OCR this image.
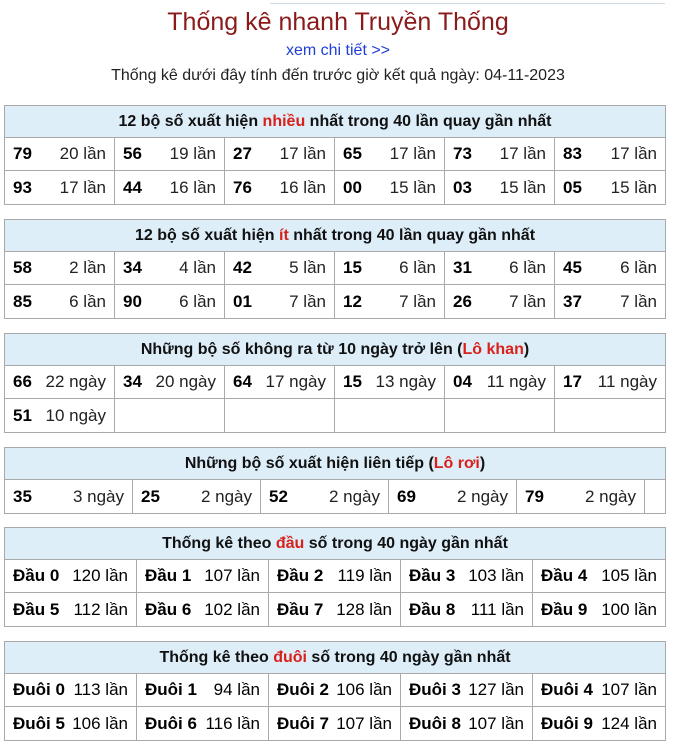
Thống kê nhanh Truyền Thống
xem chi tiết >>
Thống kê dưới đây tính đến trước giờ kết quả ngày: 04-11-2023
12 bộ số xuất hiện nhiều nhất trong 40 lần quay gần nhất
79 20 lần 56 19 lần 27 17 lần 65 17 lần 73 17 lần 83 17 lần
93 17 lần 44 16 lần 76 16 lần 00 15 lần 03 15 lần 05 15 lần
12 bộ số xuất hiện ít nhất trong 40 lần quay gần nhất
58 2 lần 34 4 lần 42 5 lần 15 6 lần 31 6 lần 45 6 lần
85 6 lần 90 6 lần 01 7 lần 12 7 lần 26 7 lần 37 7 lần
Những bộ số không ra từ 10 ngày trở lên (Lô khan)
66 22 ngày 34 20 ngày 64 17 ngày 15 13 ngày 04 11 ngày 17 11 ngày
51 10 ngày
Những bộ số xuất hiện liên tiếp (Lô rơi)
35 3 ngày 25 2 ngày 52 2 ngày 69 2 ngày 79 2 ngày
Thống kê theo đầu số trong 40 ngày gần nhất
Đầu 0 120 lần Đầu 1 107 lần Đầu 2 119 lần Đầu 3 103 lần Đầu 4 105 lần
Đầu 5 112 lần Đầu 6 102 lần Đầu 7 128 lần Đầu 8 111 lần Đầu 9 100 lần
Thống kê theo đuôi số trong 40 ngày gần nhất
Đuôi 0 113 lần Đuôi 1 94 lần Đuôi 2 106 lần Đuôi 3 127 lần Đuôi 4 107 lần
Đuôi 5 106 lần Đuôi 6 116 lần Đuôi 7 107 lần Đuôi 8 107 lần Đuôi 9 124 lần
